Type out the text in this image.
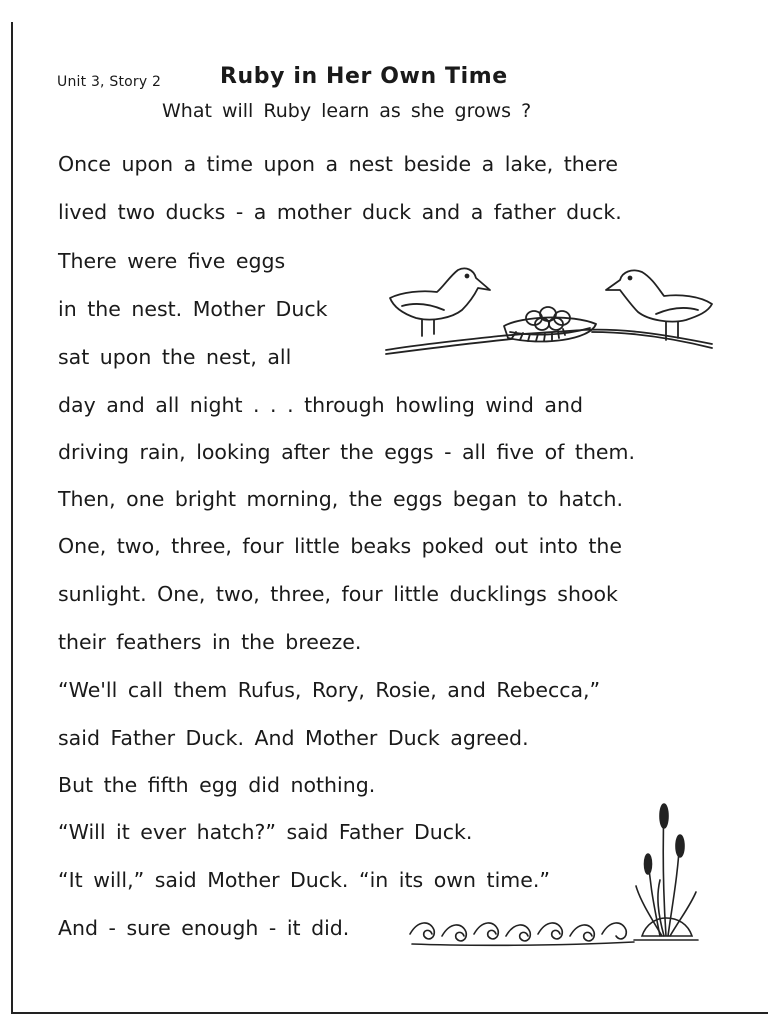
Unit 3, Story 2	Ruby in Her Own Time
What will Ruby learn as she grows ?
Once upon a time upon a nest beside a lake, there
lived two ducks - a mother duck and a father duck.
There were five eggs
in the nest. Mother Duck
sat upon the nest, all
day and all night . . . through howling wind and
driving rain, looking after the eggs - all five of them.
Then, one bright morning, the eggs began to hatch.
One, two, three, four little beaks poked out into the
sunlight. One, two, three, four little ducklings shook
their feathers in the breeze.
“We'll call them Rufus, Rory, Rosie, and Rebecca,”
said Father Duck. And Mother Duck agreed.
But the fifth egg did nothing.
“Will it ever hatch?” said Father Duck.
“It will,” said Mother Duck. “in its own time.”
And - sure enough - it did.
